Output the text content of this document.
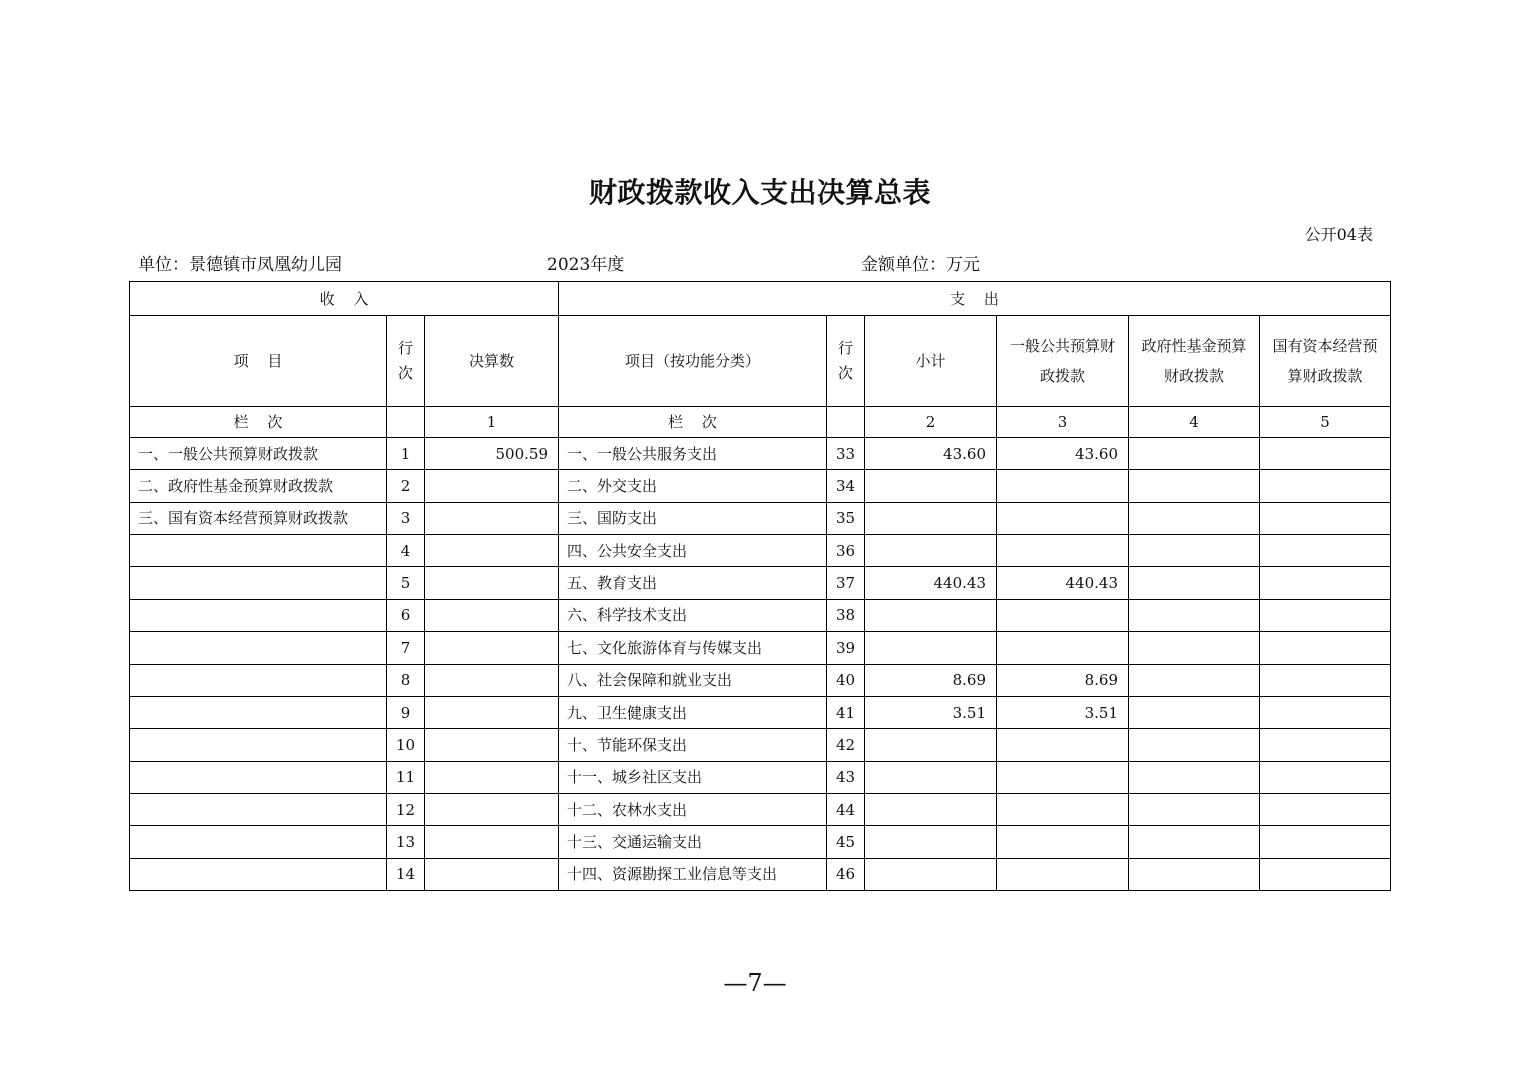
财政拨款收入支出决算总表
公开04表
单位：景德镇市凤凰幼儿园	2023年度	金额单位：万元
收 入			支 出					
项 目	行次	决算数	项目（按功能分类）	行次	小计	一般公共预算财政拨款	政府性基金预算财政拨款	国有资本经营预算财政拨款
栏 次		1	栏 次		2	3	4	5
一、一般公共预算财政拨款	1	500.59	一、一般公共服务支出	33	43.60	43.60		
二、政府性基金预算财政拨款	2		二、外交支出	34				
三、国有资本经营预算财政拨款	3		三、国防支出	35				
	4		四、公共安全支出	36				
	5		五、教育支出	37	440.43	440.43		
	6		六、科学技术支出	38				
	7		七、文化旅游体育与传媒支出	39				
	8		八、社会保障和就业支出	40	8.69	8.69		
	9		九、卫生健康支出	41	3.51	3.51		
	10		十、节能环保支出	42				
	11		十一、城乡社区支出	43				
	12		十二、农林水支出	44				
	13		十三、交通运输支出	45				
	14		十四、资源勘探工业信息等支出	46				
—7—
